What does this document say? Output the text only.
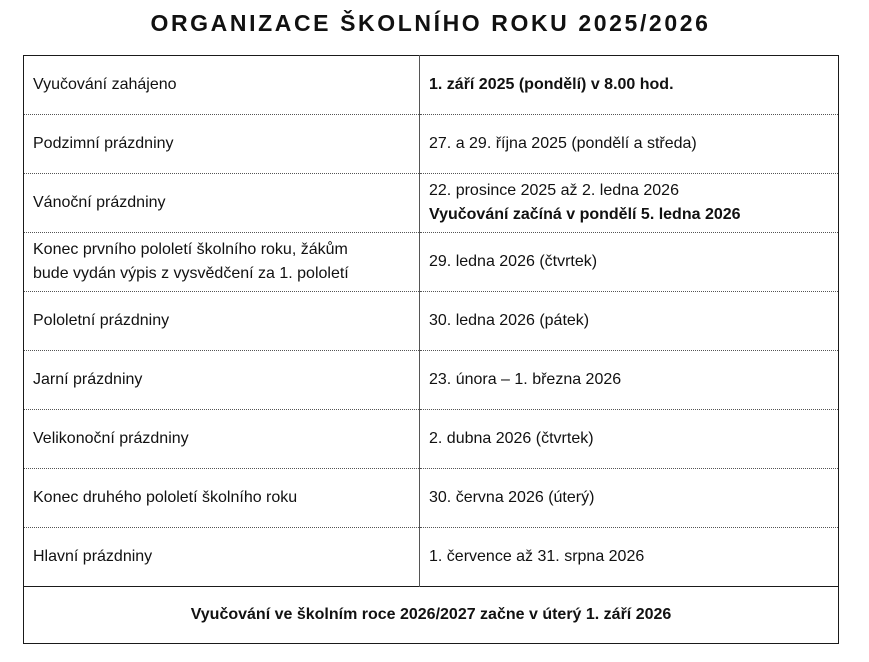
ORGANIZACE ŠKOLNÍHO ROKU 2025/2026
Vyučování zahájeno	1. září 2025 (pondělí) v 8.00 hod.
Podzimní prázdniny	27. a 29. října 2025 (pondělí a středa)
Vánoční prázdniny	22. prosince 2025 až 2. ledna 2026
Vyučování začíná v pondělí 5. ledna 2026

Konec prvního pololetí školního roku, žákům
bude vydán výpis z vysvědčení za 1. pololetí	29. ledna 2026 (čtvrtek)
Pololetní prázdniny	30. ledna 2026 (pátek)
Jarní prázdniny	23. února – 1. března 2026
Velikonoční prázdniny	2. dubna 2026 (čtvrtek)
Konec druhého pololetí školního roku	30. června 2026 (úterý)
Hlavní prázdniny	1. července až 31. srpna 2026
Vyučování ve školním roce 2026/2027 začne v úterý 1. září 2026	
